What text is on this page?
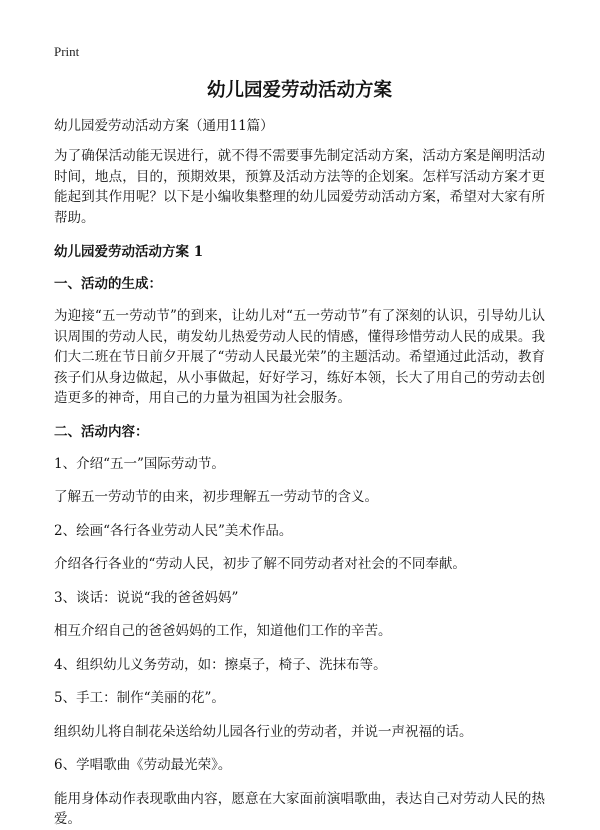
Print
幼儿园爱劳动活动方案
幼儿园爱劳动活动方案（通用11篇）

为了确保活动能无误进行，就不得不需要事先制定活动方案，活动方案是阐明活动时间，地点，目的，预期效果，预算及活动方法等的企划案。怎样写活动方案才更能起到其作用呢？以下是小编收集整理的幼儿园爱劳动活动方案，希望对大家有所帮助。

幼儿园爱劳动活动方案 1
一、活动的生成：

为迎接“五一劳动节”的到来，让幼儿对“五一劳动节”有了深刻的认识，引导幼儿认识周围的劳动人民，萌发幼儿热爱劳动人民的情感，懂得珍惜劳动人民的成果。我们大二班在节日前夕开展了“劳动人民最光荣”的主题活动。希望通过此活动，教育孩子们从身边做起，从小事做起，好好学习，练好本领，长大了用自己的劳动去创造更多的神奇，用自己的力量为祖国为社会服务。

二、活动内容：

1、介绍“五一”国际劳动节。

了解五一劳动节的由来，初步理解五一劳动节的含义。

2、绘画“各行各业劳动人民”美术作品。

介绍各行各业的“劳动人民，初步了解不同劳动者对社会的不同奉献。

3、谈话：说说“我的爸爸妈妈”

相互介绍自己的爸爸妈妈的工作，知道他们工作的辛苦。

4、组织幼儿义务劳动，如：擦桌子，椅子、洗抹布等。

5、手工：制作“美丽的花”。

组织幼儿将自制花朵送给幼儿园各行业的劳动者，并说一声祝福的话。

6、学唱歌曲《劳动最光荣》。

能用身体动作表现歌曲内容，愿意在大家面前演唱歌曲，表达自己对劳动人民的热爱。
